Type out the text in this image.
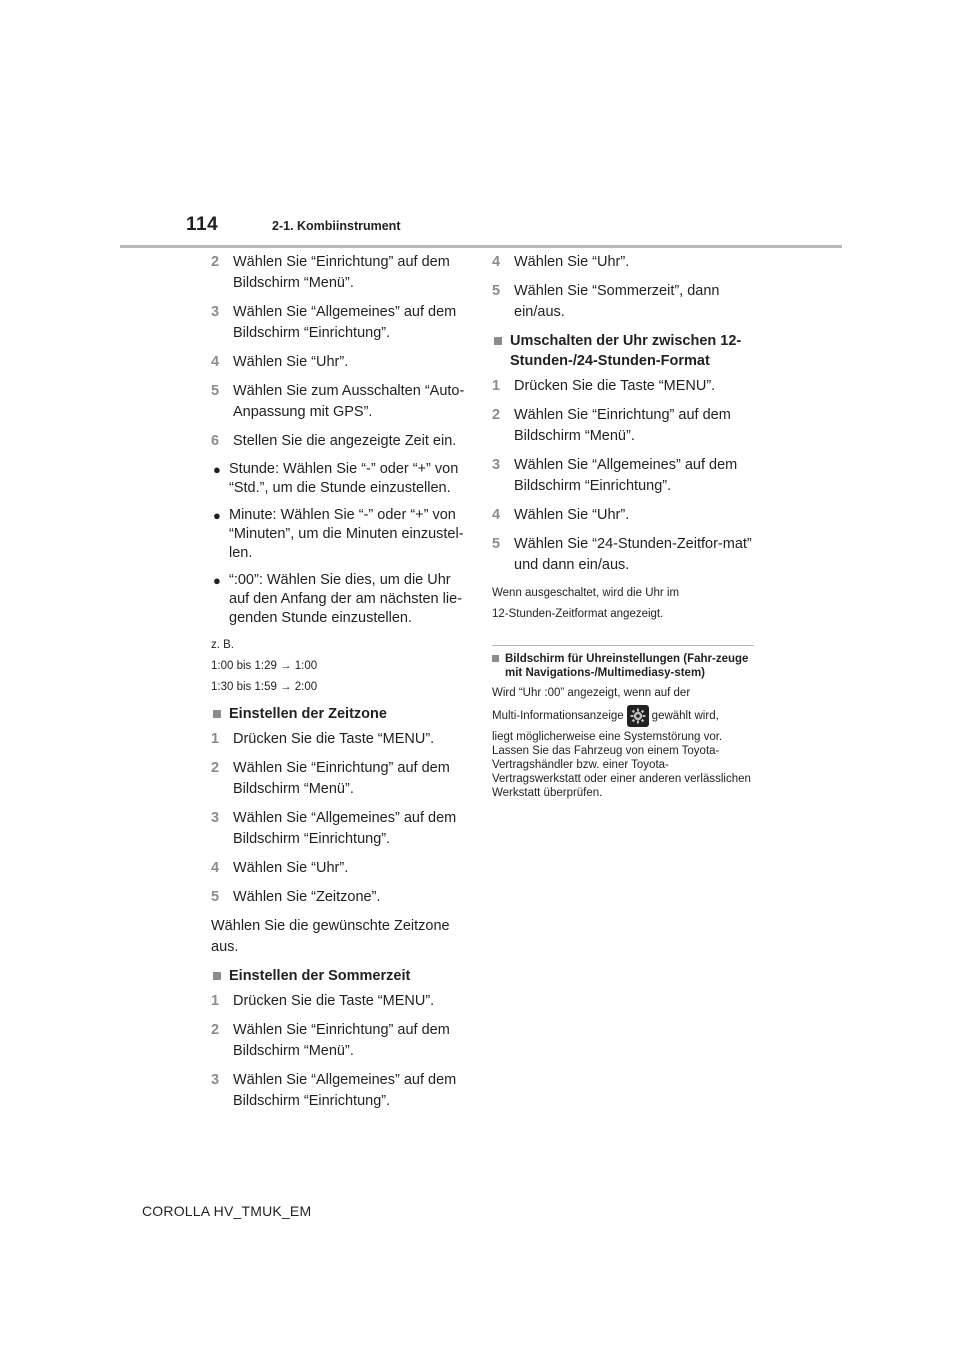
114	2-1. Kombiinstrument
2 Wählen Sie “Einrichtung” auf dem Bildschirm “Menü”.
3 Wählen Sie “Allgemeines” auf dem Bildschirm “Einrichtung”.
4 Wählen Sie “Uhr”.
5 Wählen Sie zum Ausschalten “Auto-Anpassung mit GPS”.
6 Stellen Sie die angezeigte Zeit ein.
● Stunde: Wählen Sie “-” oder “+” von “Std.”, um die Stunde einzustellen.
● Minute: Wählen Sie “-” oder “+” von “Minuten”, um die Minuten einzustel-len.
● “:00”: Wählen Sie dies, um die Uhr auf den Anfang der am nächsten lie-genden Stunde einzustellen.
z. B.
1:00 bis 1:29 → 1:00
1:30 bis 1:59 → 2:00
Einstellen der Zeitzone
1 Drücken Sie die Taste “MENU”.
2 Wählen Sie “Einrichtung” auf dem Bildschirm “Menü”.
3 Wählen Sie “Allgemeines” auf dem Bildschirm “Einrichtung”.
4 Wählen Sie “Uhr”.
5 Wählen Sie “Zeitzone”.
Wählen Sie die gewünschte Zeitzone aus.
Einstellen der Sommerzeit
1 Drücken Sie die Taste “MENU”.
2 Wählen Sie “Einrichtung” auf dem Bildschirm “Menü”.
3 Wählen Sie “Allgemeines” auf dem Bildschirm “Einrichtung”.
4 Wählen Sie “Uhr”.
5 Wählen Sie “Sommerzeit”, dann ein/aus.
Umschalten der Uhr zwischen 12-Stunden-/24-Stunden-Format
1 Drücken Sie die Taste “MENU”.
2 Wählen Sie “Einrichtung” auf dem Bildschirm “Menü”.
3 Wählen Sie “Allgemeines” auf dem Bildschirm “Einrichtung”.
4 Wählen Sie “Uhr”.
5 Wählen Sie “24-Stunden-Zeitfor-mat” und dann ein/aus.
Wenn ausgeschaltet, wird die Uhr im
12-Stunden-Zeitformat angezeigt.
Bildschirm für Uhreinstellungen (Fahr-zeuge mit Navigations-/Multimediasy-stem)
Wird “Uhr :00” angezeigt, wenn auf der
Multi-Informationsanzeige gewählt wird,
liegt möglicherweise eine Systemstörung vor. Lassen Sie das Fahrzeug von einem Toyota-Vertragshändler bzw. einer Toyota-Vertragswerkstatt oder einer anderen verlässlichen Werkstatt überprüfen.
COROLLA HV_TMUK_EM
